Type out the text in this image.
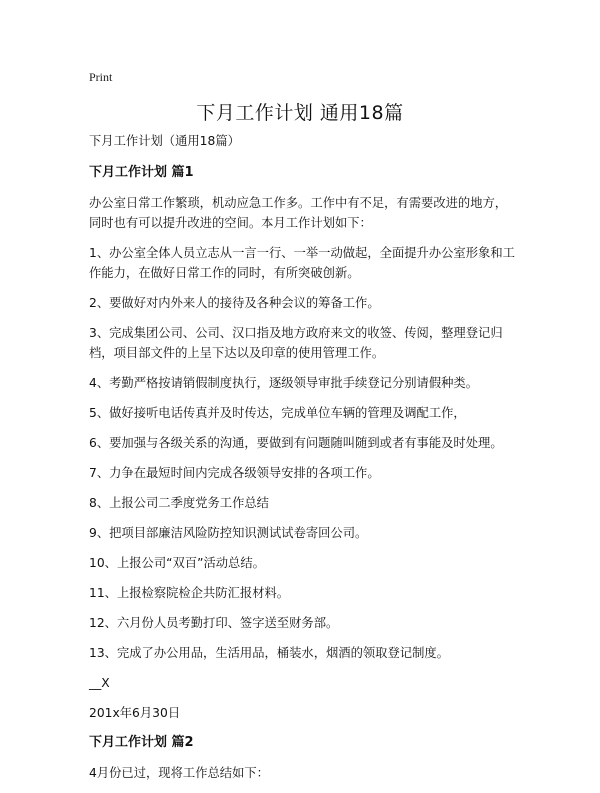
Print
下月工作计划 通用18篇

下月工作计划（通用18篇）

下月工作计划 篇1

办公室日常工作繁琐，机动应急工作多。工作中有不足，有需要改进的地方，同时也有可以提升改进的空间。本月工作计划如下：

1、办公室全体人员立志从一言一行、一举一动做起，全面提升办公室形象和工作能力，在做好日常工作的同时，有所突破创新。

2、要做好对内外来人的接待及各种会议的筹备工作。

3、完成集团公司、公司、汉口指及地方政府来文的收签、传阅，整理登记归档，项目部文件的上呈下达以及印章的使用管理工作。

4、考勤严格按请销假制度执行，逐级领导审批手续登记分别请假种类。

5、做好接听电话传真并及时传达，完成单位车辆的管理及调配工作，

6、要加强与各级关系的沟通，要做到有问题随叫随到或者有事能及时处理。

7、力争在最短时间内完成各级领导安排的各项工作。

8、上报公司二季度党务工作总结

9、把项目部廉洁风险防控知识测试试卷寄回公司。

10、上报公司“双百”活动总结。

11、上报检察院检企共防汇报材料。

12、六月份人员考勤打印、签字送至财务部。

13、完成了办公用品，生活用品，桶装水，烟酒的领取登记制度。

__X

201x年6月30日

下月工作计划 篇2

4月份已过，现将工作总结如下：
